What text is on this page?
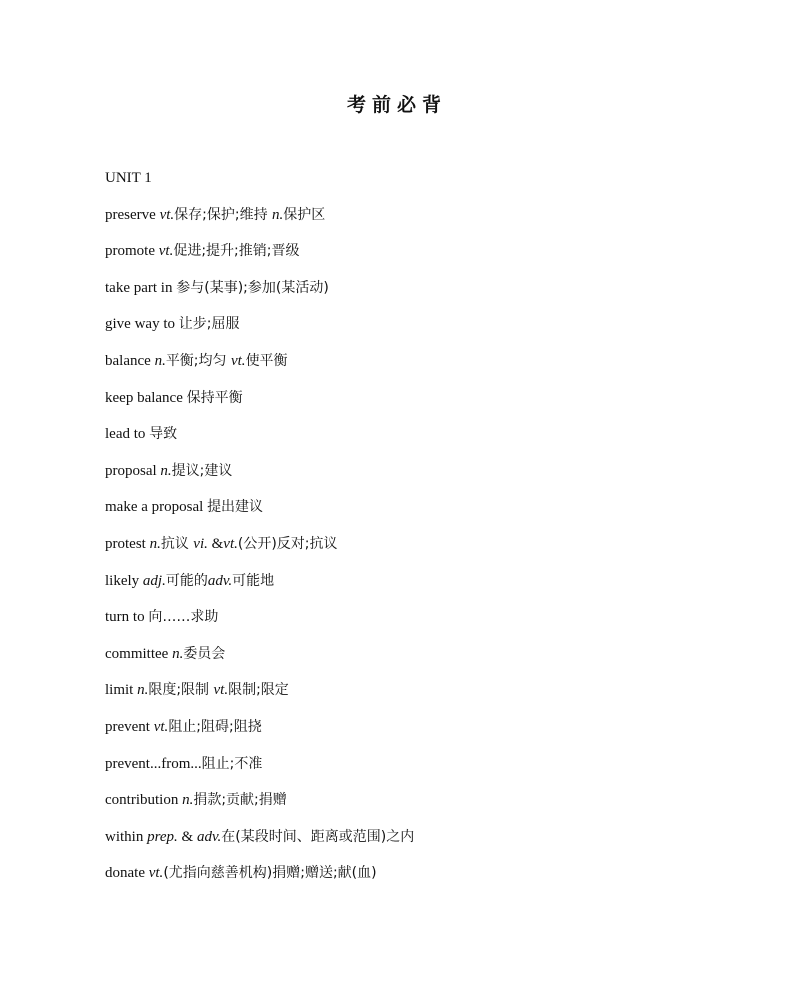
考前必背
UNIT 1
preserve vt.保存;保护;维持 n.保护区
promote vt.促进;提升;推销;晋级
take part in 参与(某事);参加(某活动)
give way to 让步;屈服
balance n.平衡;均匀 vt.使平衡
keep balance 保持平衡
lead to 导致
proposal n.提议;建议
make a proposal 提出建议
protest n.抗议 vi. &vt.(公开)反对;抗议
likely adj.可能的adv.可能地
turn to 向……求助
committee n.委员会
limit n.限度;限制 vt.限制;限定
prevent vt.阻止;阻碍;阻挠
prevent...from...阻止;不准
contribution n.捐款;贡献;捐赠
within prep. & adv.在(某段时间、距离或范围)之内
donate vt.(尤指向慈善机构)捐赠;赠送;献(血)
